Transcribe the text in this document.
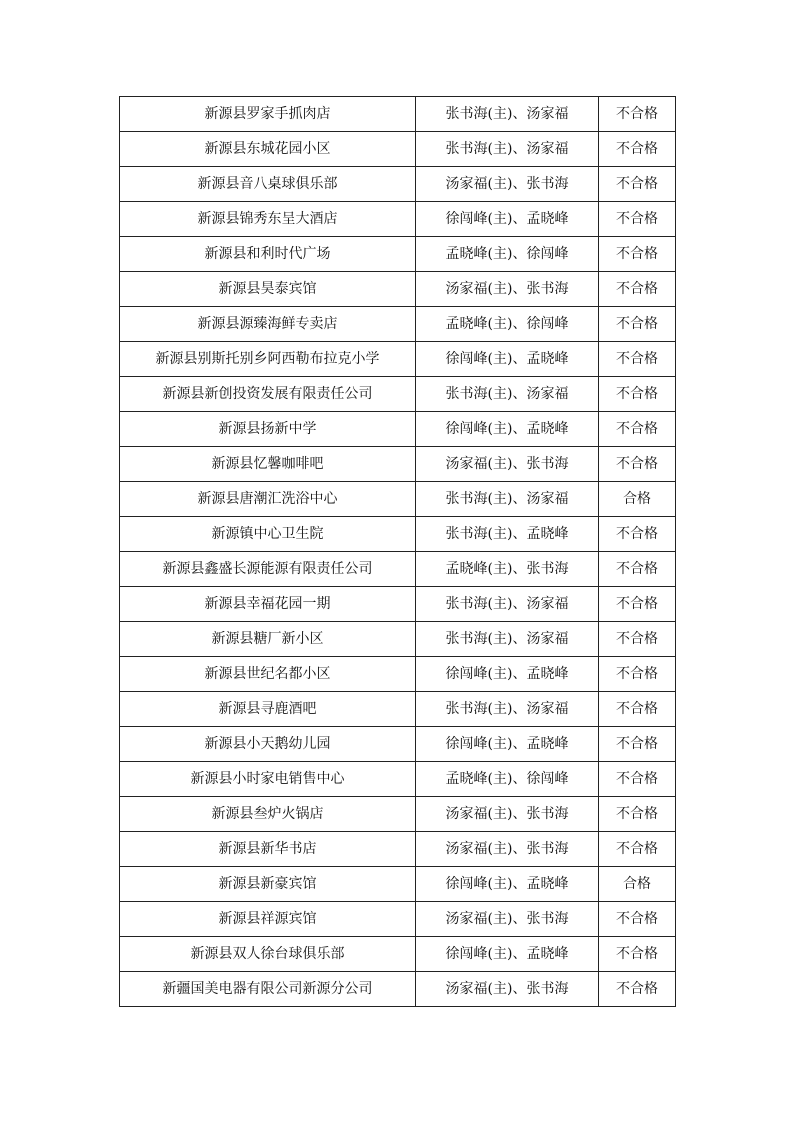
新源县罗家手抓肉店	张书海(主)、汤家福	不合格
新源县东城花园小区	张书海(主)、汤家福	不合格
新源县音八桌球俱乐部	汤家福(主)、张书海	不合格
新源县锦秀东呈大酒店	徐闯峰(主)、孟晓峰	不合格
新源县和利时代广场	孟晓峰(主)、徐闯峰	不合格
新源县昊泰宾馆	汤家福(主)、张书海	不合格
新源县源臻海鲜专卖店	孟晓峰(主)、徐闯峰	不合格
新源县别斯托别乡阿西勒布拉克小学	徐闯峰(主)、孟晓峰	不合格
新源县新创投资发展有限责任公司	张书海(主)、汤家福	不合格
新源县扬新中学	徐闯峰(主)、孟晓峰	不合格
新源县忆馨咖啡吧	汤家福(主)、张书海	不合格
新源县唐潮汇洗浴中心	张书海(主)、汤家福	合格
新源镇中心卫生院	张书海(主)、孟晓峰	不合格
新源县鑫盛长源能源有限责任公司	孟晓峰(主)、张书海	不合格
新源县幸福花园一期	张书海(主)、汤家福	不合格
新源县糖厂新小区	张书海(主)、汤家福	不合格
新源县世纪名都小区	徐闯峰(主)、孟晓峰	不合格
新源县寻鹿酒吧	张书海(主)、汤家福	不合格
新源县小天鹅幼儿园	徐闯峰(主)、孟晓峰	不合格
新源县小时家电销售中心	孟晓峰(主)、徐闯峰	不合格
新源县叁炉火锅店	汤家福(主)、张书海	不合格
新源县新华书店	汤家福(主)、张书海	不合格
新源县新豪宾馆	徐闯峰(主)、孟晓峰	合格
新源县祥源宾馆	汤家福(主)、张书海	不合格
新源县双人徐台球俱乐部	徐闯峰(主)、孟晓峰	不合格
新疆国美电器有限公司新源分公司	汤家福(主)、张书海	不合格
